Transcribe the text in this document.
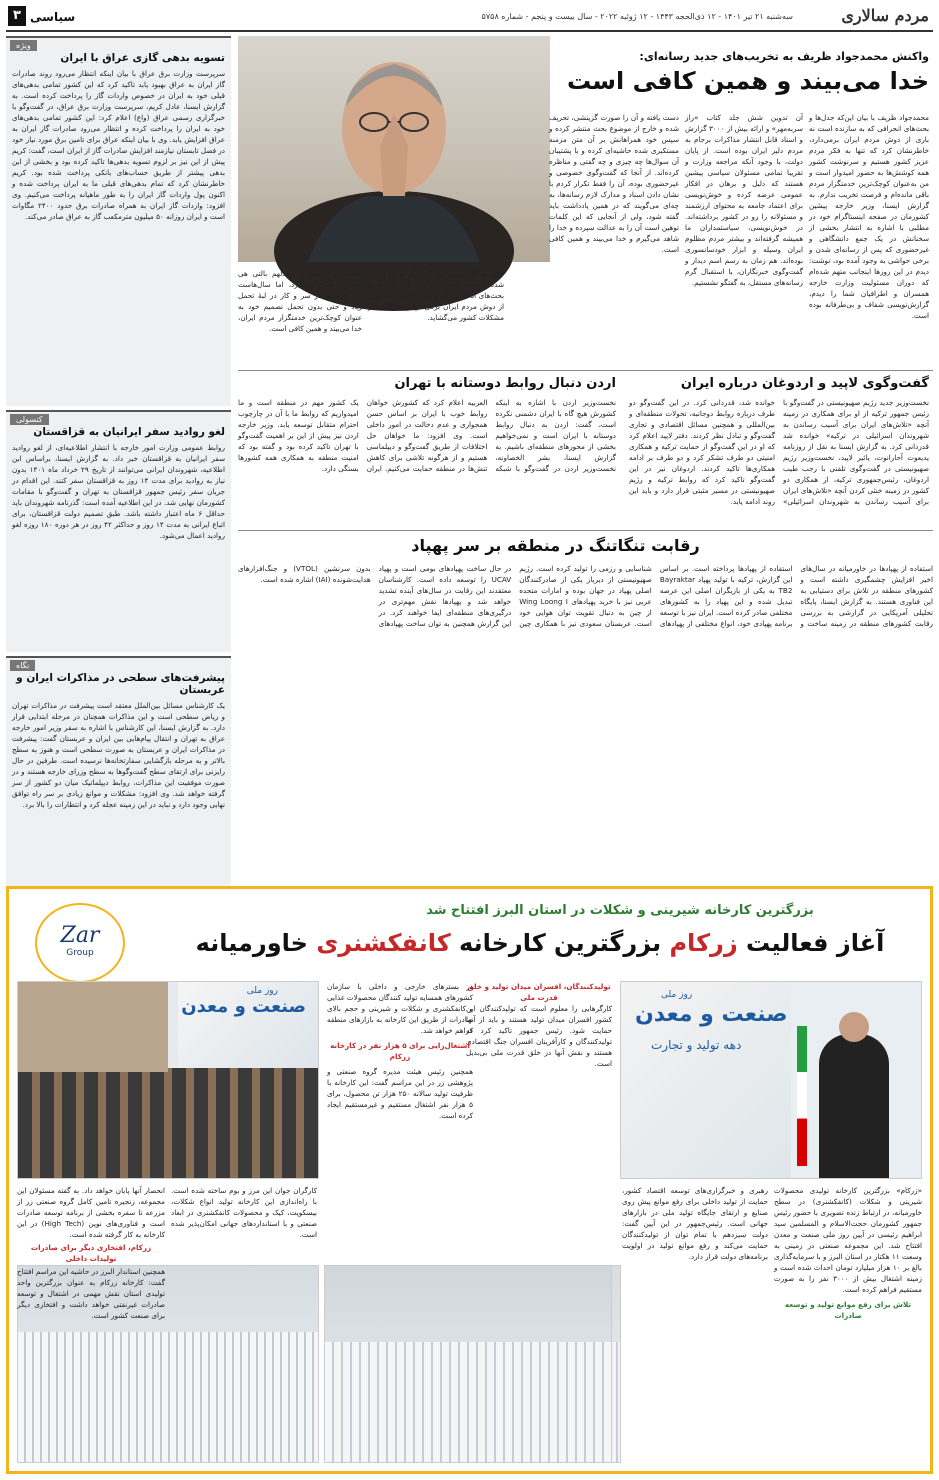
مردم سالاری
سه‌شنبه ۲۱ تیر ۱۴۰۱ - ۱۲ ذی‌الحجه ۱۴۴۳ - ۱۲ ژوئیه ۲۰۲۲ - سال بیست و پنجم - شماره ۵۷۵۸
سیاسی
۳
ویژه
تسویه بدهی گازی عراق با ایران
سرپرست وزارت برق عراق با بیان اینکه انتظار می‌رود روند صادرات گاز ایران به عراق بهبود یابد تاکید کرد که این کشور تمامی بدهی‌های قبلی خود به ایران در خصوص واردات گاز را پرداخت کرده است. به گزارش ایسنا، عادل کریم، سرپرست وزارت برق عراق، در گفت‌وگو با خبرگزاری رسمی عراق (واع) اعلام کرد: این کشور تمامی بدهی‌های خود به ایران را پرداخت کرده و انتظار می‌رود صادرات گاز ایران به عراق افزایش یابد. وی با بیان اینکه عراق برای تامین برق مورد نیاز خود در فصل تابستان نیازمند افزایش صادرات گاز از ایران است، گفت: کریم پیش از این نیز بر لزوم تسویه بدهی‌ها تاکید کرده بود و بخشی از این بدهی پیشتر از طریق حساب‌های بانکی پرداخت شده بود. کریم خاطرنشان کرد که تمام بدهی‌های قبلی ما به ایران پرداخت شده و اکنون پول واردات گاز ایران را به طور ماهیانه پرداخت می‌کنیم. وی افزود: واردات گاز ایران به همراه صادرات برق حدود ۲۴۰۰ مگاوات است و ایران روزانه ۵۰ میلیون مترمکعب گاز به عراق صادر می‌کند.
کنسولی
لغو روادید سفر ایرانیان به قزاقستان
روابط عمومی وزارت امور خارجه با انتشار اطلاعیه‌ای، از لغو روادید سفر ایرانیان به قزاقستان خبر داد. به گزارش ایسنا، براساس این اطلاعیه، شهروندان ایرانی می‌توانند از تاریخ ۲۹ خرداد ماه ۱۴۰۱ بدون نیاز به روادید برای مدت ۱۴ روز به قزاقستان سفر کنند. این اقدام در جریان سفر رئیس جمهور قزاقستان به تهران و گفت‌وگو با مقامات کشورمان نهایی شد. در این اطلاعیه آمده است: گذرنامه شهروندان باید حداقل ۶ ماه اعتبار داشته باشد. طبق تصمیم دولت قزاقستان، برای اتباع ایرانی به مدت ۱۴ روز و حداکثر ۴۲ روز در هر دوره ۱۸۰ روزه لغو روادید اعمال می‌شود.
نگاه
پیشرفت‌های سطحی در مذاکرات ایران و عربستان
یک کارشناس مسائل بین‌الملل معتقد است پیشرفت در مذاکرات تهران و ریاض سطحی است و این مذاکرات همچنان در مرحله ابتدایی قرار دارد. به گزارش ایسنا، این کارشناس با اشاره به سفر وزیر امور خارجه عراق به تهران و انتقال پیام‌هایی بین ایران و عربستان گفت: پیشرفت در مذاکرات ایران و عربستان به صورت سطحی است و هنوز به سطح بالاتر و به مرحله بازگشایی سفارتخانه‌ها نرسیده است. طرفین در حال رایزنی برای ارتقای سطح گفت‌وگوها به سطح وزرای خارجه هستند و در صورت موفقیت این مذاکرات، روابط دیپلماتیک میان دو کشور از سر گرفته خواهد شد. وی افزود: مشکلات و موانع زیادی بر سر راه توافق نهایی وجود دارد و نباید در این زمینه عجله کرد و انتظارات را بالا برد.
واکنش محمدجواد ظریف به تخریب‌های جدید رسانه‌ای:
خدا می‌بیند و همین کافی است
محمدجواد ظریف با بیان این‌که جدل‌ها و بحث‌های انحرافی که به سازنده است نه باری از دوش مردم ایران برمی‌دارد، خاطرنشان کرد که تنها به فکر مردم عزیز کشور هستیم و سرنوشت کشور همه کوشش‌ها به حضور امیدوار است و من به‌عنوان کوچک‌ترین خدمتگزار مردم باقی مانده‌ام و فرصت تخریب ندارم. به گزارش ایسنا، وزیر خارجه پیشین کشورمان در صفحه اینستاگرام خود در مطلبی با اشاره به انتشار بخشی از سخنانش در یک جمع دانشگاهی و غیرحضوری که پس از رسانه‌ای شدن و برخی حواشی به وجود آمده بود، نوشت: دیدم در این روزها اینجانب متهم شده‌ام که دوران مسئولیت وزارت خارجه همسران و اطرافیان شما را دیدم، گزارش‌نویسی شفاف و بی‌طرفانه بوده است.
آن تدوین شش جلد کتاب «راز سربه‌مهر» و ارائه بیش از ۳۰۰۰ گزارش و اسناد قابل انتشار مذاکرات برجام به مردم دلیر ایران بوده است. از پایان دولت، با وجود آنکه مراجعه وزارت و تقریبا تمامی مسئولان سیاسی پیشین هستند که دلیل و برهان در افکار عمومی عرضه کرده و خوش‌نویسی برای اعتماد جامعه به محتوای ارزشمند و مسئولانه را رو در کشور برداشته‌اند. در خوش‌نویسی، سیاستمداران ما همیشه گرفته‌اند و بیشتر مردم مظلوم ایران وسیله و ابزار خودسانسوری بوده‌اند. هم زمان به رسم اسم دیدار و گفت‌وگوی خبرنگاران، با استقبال گرم رسانه‌های مستقل، به گفتگو نشستیم.
دست یافته و آن را صورت گزینشی، تحریف شده و خارج از موضوع بحث منتشر کرده و سپس خود همراهانش بر آن متن مزمنه مستکبری شده حاشیه‌ای کرده و با پشتیبان آن سوال‌ها چه چیزی و چه گفتی و مناظره کرده‌اند. از آنجا که گفت‌وگوی خصوصی و غیرحضوری بوده، آن را فقط تکرار کردم با نشان دادن اسناد و مدارک لازم رسانه‌ها، به چه‌ای می‌گویند که در همین یادداشت باید گفته شود، ولی از آنجایی که این کلمات توهین است آن را به عدالت سپرده و خدا را شاهد می‌گیرم و خدا می‌بیند و همین کافی است.
«وی که کاغذی در این گفت‌وگو به آن اشاره شده است» داستان گرامی، این جدل‌ها و بحث‌های انحرافی که به سازنده است نه باری از دوش مردم ایران برمی‌دارد و نه گرهی از مشکلات کشور می‌گشاید.
اخلاقی و انسانی و «جدلهم بالتی هی احسن» شکل می‌گیرد، اما سال‌هاست این جریان‌ها در سر و کار در لبهٔ تحمل زیاد و حتی بدون تحمل تصمیم خود به عنوان کوچک‌ترین خدمتگزار مردم ایران، خدا می‌بیند و همین کافی است.
گفت‌وگوی لاپید و اردوغان درباره ایران
نخست‌وزیر جدید رژیم صهیونیستی در گفت‌وگو با رئیس جمهور ترکیه از او برای همکاری در زمینه آنچه «تلاش‌های ایران برای آسیب رساندن به شهروندان اسرائیلی در ترکیه» خوانده شد قدردانی کرد. به گزارش ایسنا به نقل از روزنامه یدیعوت آحارانوت، یائیر لاپید، نخست‌وزیر رژیم صهیونیستی در گفت‌وگوی تلفنی با رجب طیب اردوغان، رئیس‌جمهوری ترکیه، از همکاری دو کشور در زمینه خنثی کردن آنچه «تلاش‌های ایران برای آسیب رساندن به شهروندان اسرائیلی» خوانده شد، قدردانی کرد. در این گفت‌وگو دو طرف درباره روابط دوجانبه، تحولات منطقه‌ای و بین‌المللی و همچنین مسائل اقتصادی و تجاری گفت‌وگو و تبادل نظر کردند. دفتر لاپید اعلام کرد که او در این گفت‌وگو از حمایت ترکیه و همکاری امنیتی دو طرف تشکر کرد و دو طرف بر ادامه همکاری‌ها تاکید کردند. اردوغان نیز در این گفت‌وگو تاکید کرد که روابط ترکیه و رژیم صهیونیستی در مسیر مثبتی قرار دارد و باید این روند ادامه یابد.
اردن دنبال روابط دوستانه با تهران
نخست‌وزیر اردن با اشاره به اینکه کشورش هیچ گاه با ایران دشمنی نکرده است، گفت: اردن به دنبال روابط دوستانه با ایران است و نمی‌خواهیم بخشی از محورهای منطقه‌ای باشیم. به گزارش ایسنا، بشر الخصاونه، نخست‌وزیر اردن در گفت‌وگو با شبکه العربیه اعلام کرد که کشورش خواهان روابط خوب با ایران بر اساس حسن همجواری و عدم دخالت در امور داخلی است. وی افزود: ما خواهان حل اختلافات از طریق گفت‌وگو و دیپلماسی هستیم و از هرگونه تلاشی برای کاهش تنش‌ها در منطقه حمایت می‌کنیم. ایران یک کشور مهم در منطقه است و ما امیدواریم که روابط ما با آن در چارچوب احترام متقابل توسعه یابد. وزیر خارجه اردن نیز پیش از این بر اهمیت گفت‌وگو با تهران تاکید کرده بود و گفته بود که امنیت منطقه به همکاری همه کشورها بستگی دارد.
رقابت تنگاتنگ در منطقه بر سر پهپاد
استفاده از پهپادها در خاورمیانه در سال‌های اخیر افزایش چشمگیری داشته است و کشورهای منطقه در تلاش برای دستیابی به این فناوری هستند. به گزارش ایسنا، پایگاه تحلیلی آمریکایی در گزارشی به بررسی رقابت کشورهای منطقه در زمینه ساخت و استفاده از پهپادها پرداخته است. بر اساس این گزارش، ترکیه با تولید پهپاد Bayraktar TB2 به یکی از بازیگران اصلی این عرصه تبدیل شده و این پهپاد را به کشورهای مختلفی صادر کرده است. ایران نیز با توسعه برنامه پهپادی خود، انواع مختلفی از پهپادهای شناسایی و رزمی را تولید کرده است. رژیم صهیونیستی از دیرباز یکی از صادرکنندگان اصلی پهپاد در جهان بوده و امارات متحده عربی نیز با خرید پهپادهای Wing Loong I از چین به دنبال تقویت توان هوایی خود است. عربستان سعودی نیز با همکاری چین در حال ساخت پهپادهای بومی است و پهپاد UCAV را توسعه داده است. کارشناسان معتقدند این رقابت در سال‌های آینده تشدید خواهد شد و پهپادها نقش مهم‌تری در درگیری‌های منطقه‌ای ایفا خواهند کرد. در این گزارش همچنین به توان ساخت پهپادهای بدون سرنشین (VTOL) و جنگ‌افزارهای هدایت‌شونده (IAI) اشاره شده است.
بزرگترین کارخانه شیرینی و شکلات در استان البرز افتتاح شد
آغاز فعالیت زرکام بزرگترین کارخانه کانفکشنری خاورمیانه
Zar
Group
صنعت و معدن
روز ملی
دهه تولید و تجارت
صنعت و معدن
روز ملی
«زرکام» بزرگترین کارخانه تولیدی محصولات شیرینی و شکلات (کانفکشنری) در سطح خاورمیانه، در ارتباط زنده تصویری با حضور رئیس جمهور کشورمان حجت‌الاسلام و المسلمین سید ابراهیم رئیسی در آیین روز ملی صنعت و معدن افتتاح شد. این مجموعه صنعتی در زمینی به وسعت ۱۱ هکتار در استان البرز و با سرمایه‌گذاری بالغ بر ۱۰ هزار میلیارد تومان احداث شده است و زمینه اشتغال بیش از ۳۰۰۰ نفر را به صورت مستقیم فراهم کرده است.
تلاش برای رفع موانع تولید و توسعه صادرات
رهبری و خبرگزاری‌های توسعه اقتصاد کشور، حمایت از تولید داخلی برای رفع موانع پیش روی صنایع و ارتقای جایگاه تولید ملی در بازارهای جهانی است. رئیس‌جمهور در این آیین گفت: دولت سیزدهم با تمام توان از تولیدکنندگان حمایت می‌کند و رفع موانع تولید در اولویت برنامه‌های دولت قرار دارد.
تولیدکنندگان، افسران میدان تولید و خلق قدرت ملی
کارگرهایی را معلوم است که تولیدکنندگان این کشور افسران میدان تولید هستند و باید از آنها حمایت شود. رئیس جمهور تاکید کرد که تولیدکنندگان و کارآفرینان افسران جنگ اقتصادی هستند و نقش آنها در خلق قدرت ملی بی‌بدیل است.
در بسترهای خارجی و داخلی با سازمان کشورهای همسایه تولید کنندگان محصولات غذایی و کانفکشنری و شکلات و شیرینی و حجم بالای صادرات از طریق این کارخانه به بازارهای منطقه فراهم خواهد شد.
اشتغال‌زایی برای ۵ هزار نفر در کارخانه زرکام
همچنین رئیس هیئت مدیره گروه صنعتی و پژوهشی زر در این مراسم گفت: این کارخانه با ظرفیت تولید سالانه ۲۵۰ هزار تن محصول، برای ۵ هزار نفر اشتغال مستقیم و غیرمستقیم ایجاد کرده است.
کارگران جوان این مرز و بوم ساخته شده است. با راه‌اندازی این کارخانه تولید انواع شکلات، بیسکویت، کیک و محصولات کانفکشنری در ابعاد صنعتی و با استانداردهای جهانی امکان‌پذیر شده است.
انحصار آنها پایان خواهد داد. به گفته مسئولان این مجموعه، زنجیره تامین کامل گروه صنعتی زر از مزرعه تا سفره بخشی از برنامه توسعه صادرات است و فناوری‌های نوین (High Tech) در این کارخانه به کار گرفته شده است.
زرکام، افتخاری دیگر برای صادرات تولیدات داخلی
همچنین استاندار البرز در حاشیه این مراسم افتتاح گفت: کارخانه زرکام به عنوان بزرگترین واحد تولیدی استان نقش مهمی در اشتغال و توسعه صادرات غیرنفتی خواهد داشت و افتخاری دیگر برای صنعت کشور است.
